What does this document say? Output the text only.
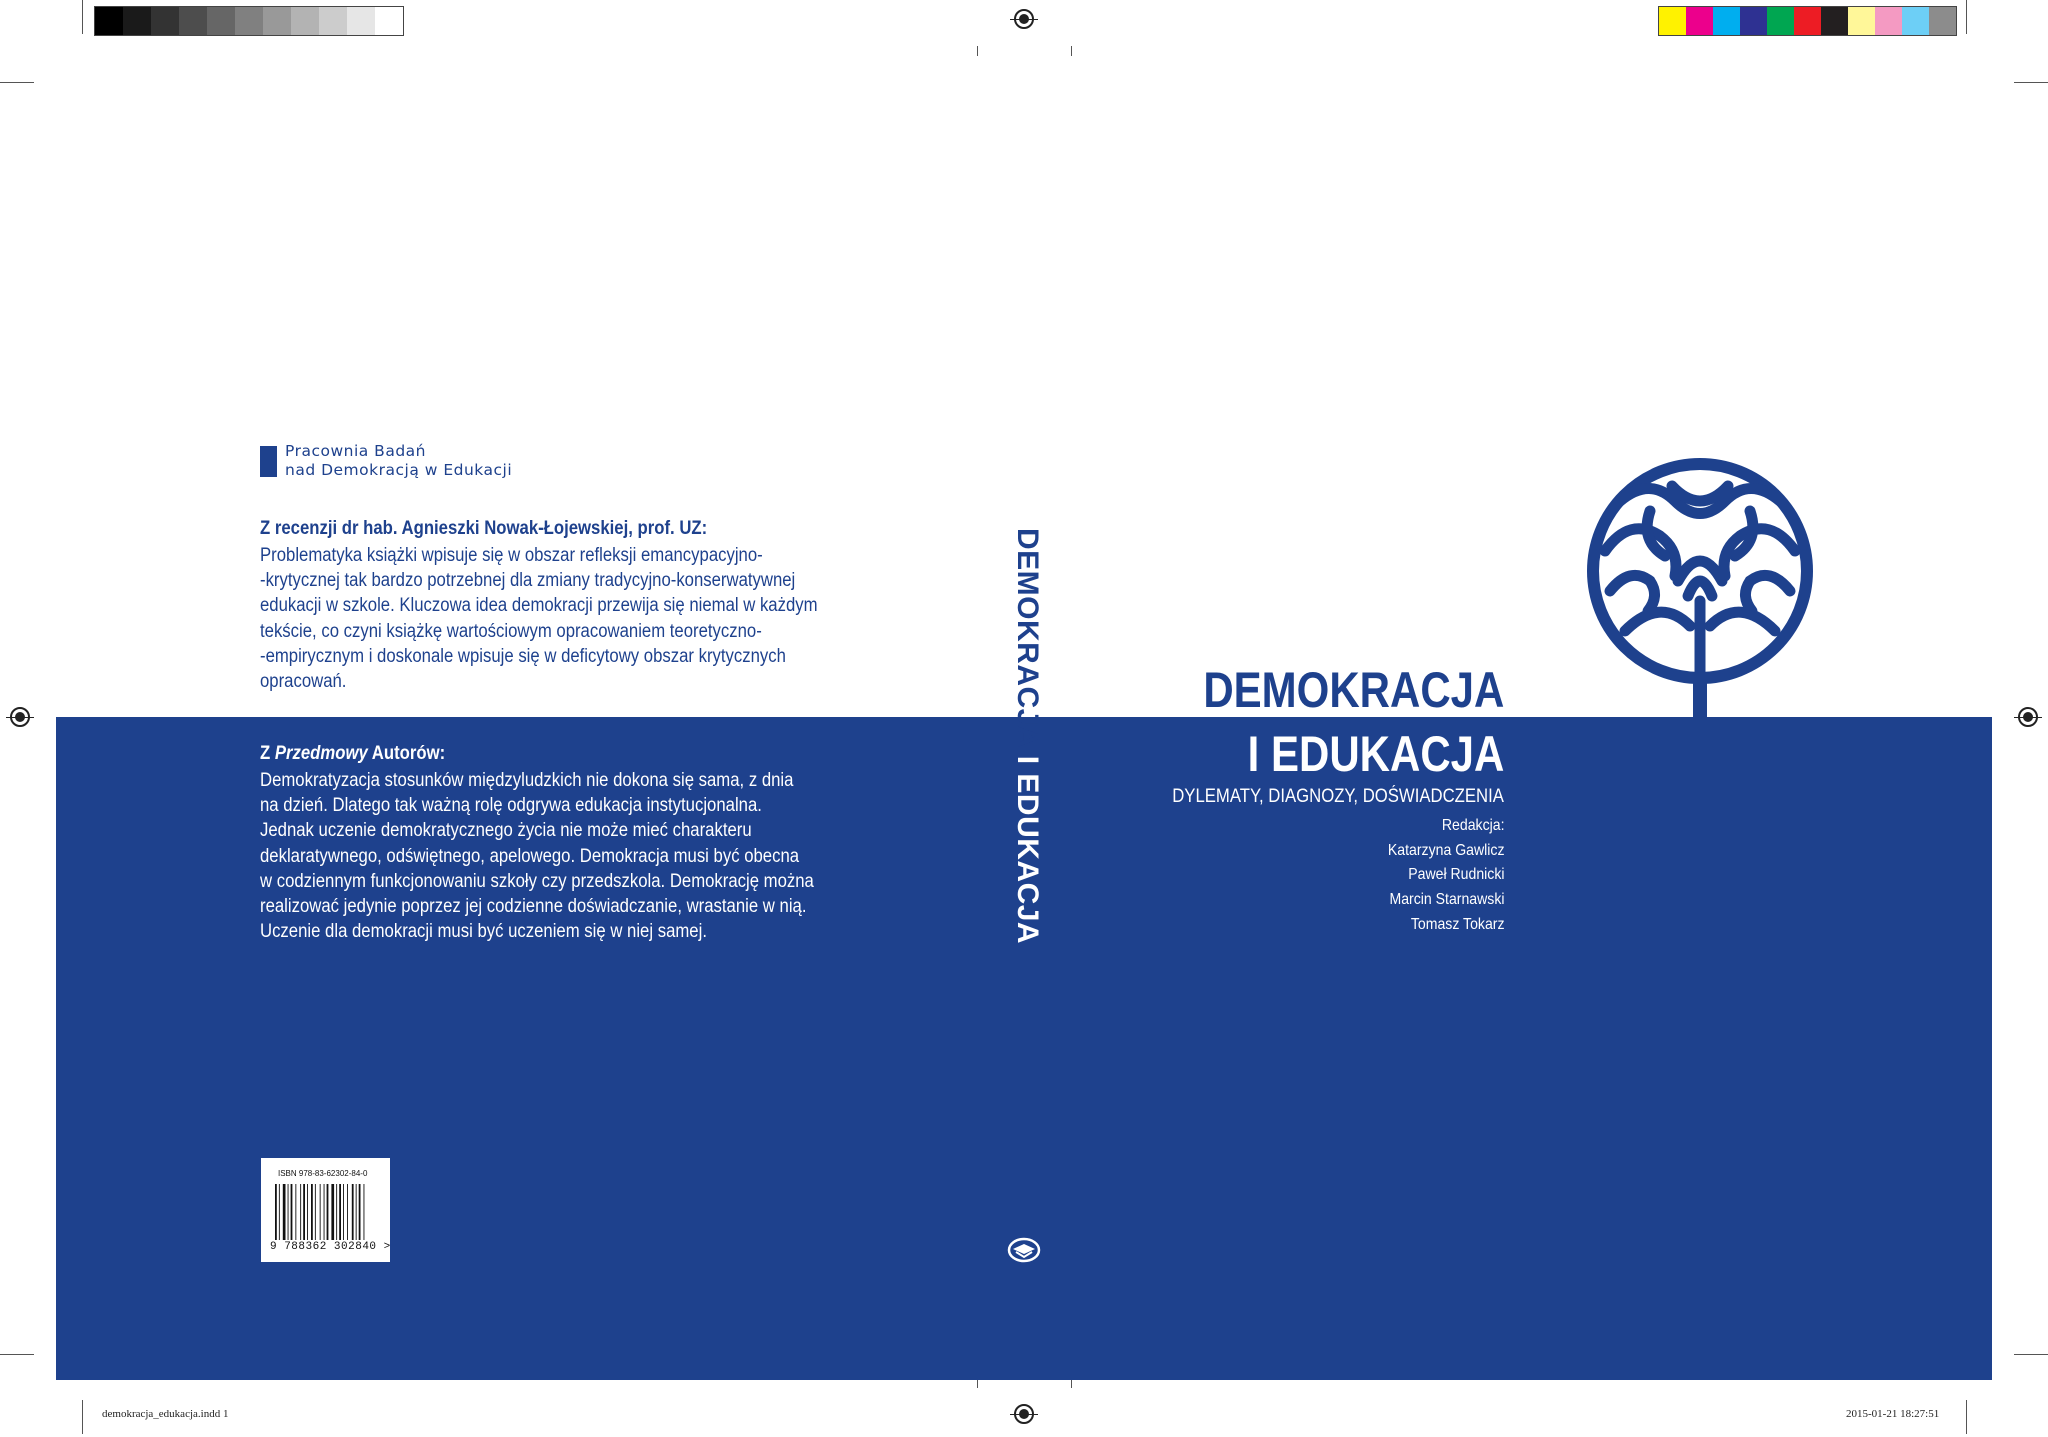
demokracja_edukacja.indd 1	2015-01-21 18:27:51
Pracownia Badań
nad Demokracją w Edukacji
Z recenzji dr hab. Agnieszki Nowak-Łojewskiej, prof. UZ:
Problematyka książki wpisuje się w obszar refleksji emancypacyjno-
-krytycznej tak bardzo potrzebnej dla zmiany tradycyjno-konserwatywnej
edukacji w szkole. Kluczowa idea demokracji przewija się niemal w każdym
tekście, co czyni książkę wartościowym opracowaniem teoretyczno-
-empirycznym i doskonale wpisuje się w deficytowy obszar krytycznych
opracowań.
Z Przedmowy Autorów:
Demokratyzacja stosunków międzyludzkich nie dokona się sama, z dnia
na dzień. Dlatego tak ważną rolę odgrywa edukacja instytucjonalna.
Jednak uczenie demokratycznego życia nie może mieć charakteru
deklaratywnego, odświętnego, apelowego. Demokracja musi być obecna
w codziennym funkcjonowaniu szkoły czy przedszkola. Demokrację można
realizować jedynie poprzez jej codzienne doświadczanie, wrastanie w nią.
Uczenie dla demokracji musi być uczeniem się w niej samej.
ISBN 978-83-62302-84-0
9 788362 302840 >
DEMOKRACJA I EDUKACJA
DEMOKRACJA
I EDUKACJA
DYLEMATY, DIAGNOZY, DOŚWIADCZENIA
Redakcja:
Katarzyna Gawlicz
Paweł Rudnicki
Marcin Starnawski
Tomasz Tokarz
